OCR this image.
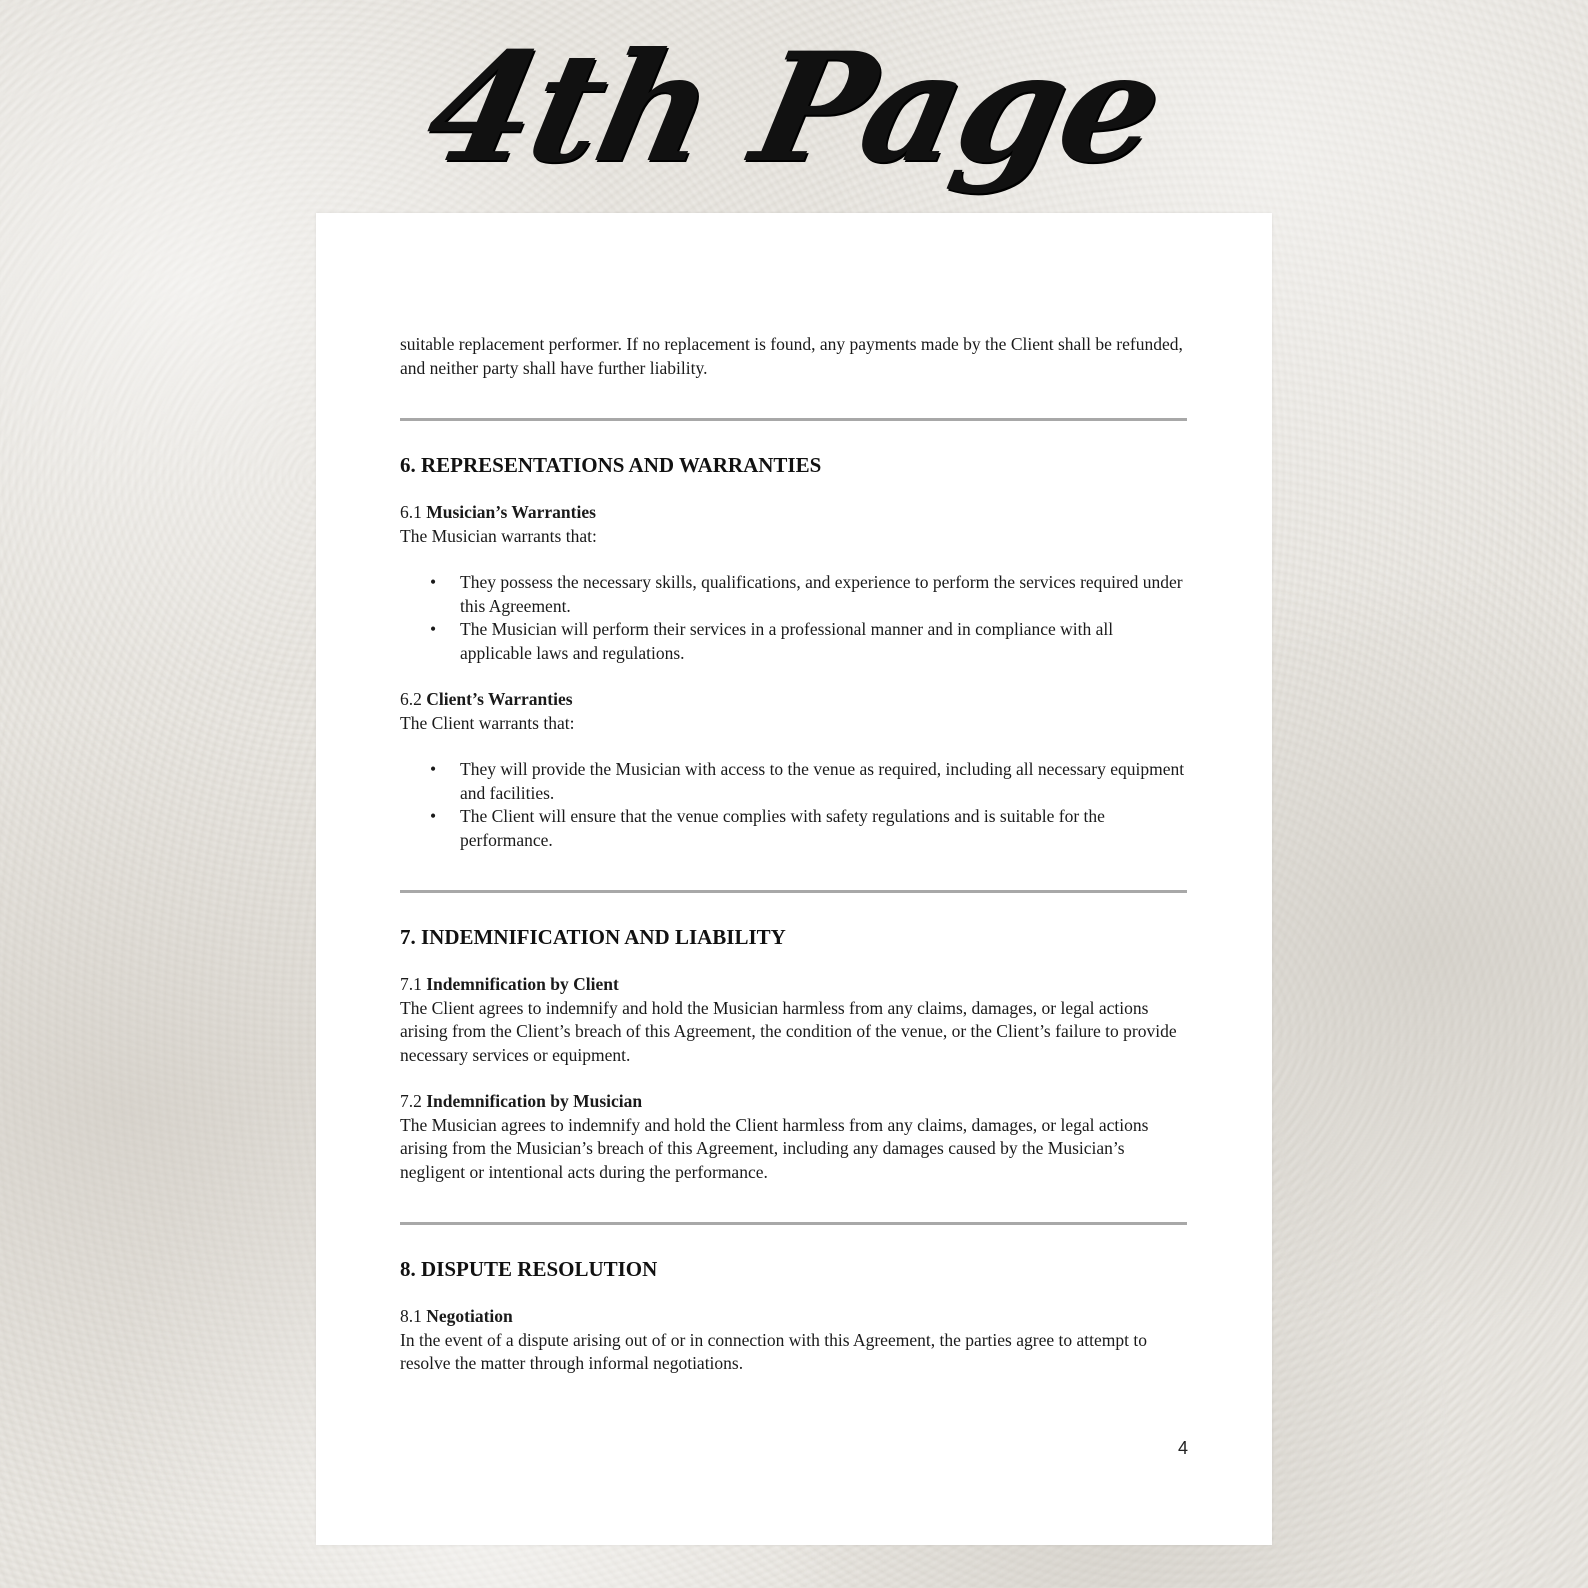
4th Page

suitable replacement performer. If no replacement is found, any payments made by the Client shall be refunded, and neither party shall have further liability.

6. REPRESENTATIONS AND WARRANTIES

6.1 Musician’s Warranties

The Musician warrants that:

• They possess the necessary skills, qualifications, and experience to perform the services required under this Agreement.
• The Musician will perform their services in a professional manner and in compliance with all applicable laws and regulations.

6.2 Client’s Warranties

The Client warrants that:

• They will provide the Musician with access to the venue as required, including all necessary equipment and facilities.
• The Client will ensure that the venue complies with safety regulations and is suitable for the performance.
7. INDEMNIFICATION AND LIABILITY

7.1 Indemnification by Client

The Client agrees to indemnify and hold the Musician harmless from any claims, damages, or legal actions arising from the Client’s breach of this Agreement, the condition of the venue, or the Client’s failure to provide necessary services or equipment.

7.2 Indemnification by Musician

The Musician agrees to indemnify and hold the Client harmless from any claims, damages, or legal actions arising from the Musician’s breach of this Agreement, including any damages caused by the Musician’s negligent or intentional acts during the performance.

8. DISPUTE RESOLUTION

8.1 Negotiation

In the event of a dispute arising out of or in connection with this Agreement, the parties agree to attempt to resolve the matter through informal negotiations.

4
